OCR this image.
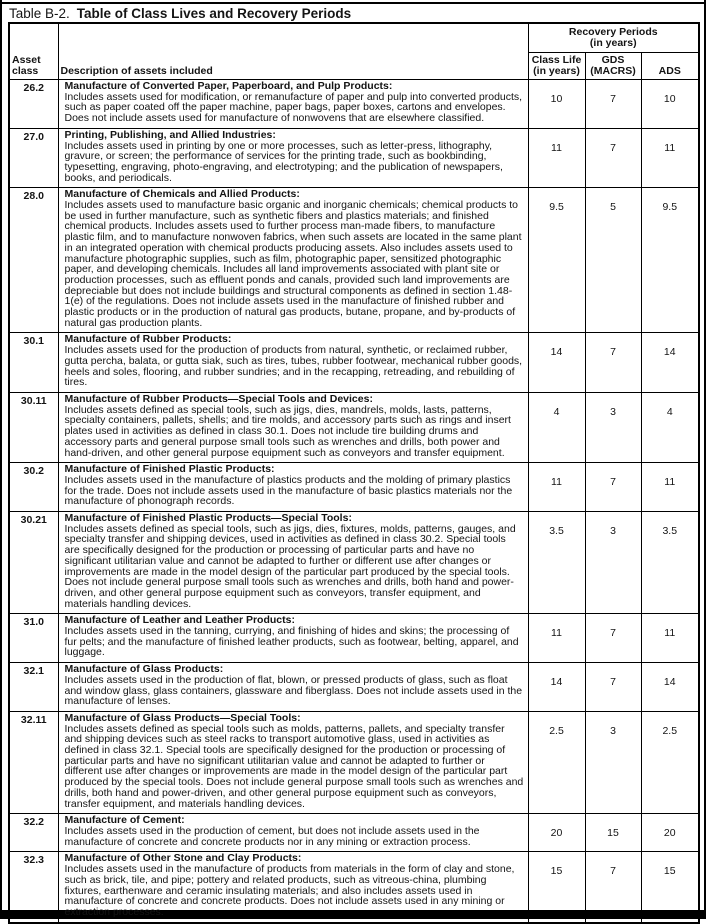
Table B-2. Table of Class Lives and Recovery Periods
Asset
class	Description of assets included	Recovery Periods
(in years)		

		Class Life
(in years)	GDS
(MACRS)	ADS
26.2	Manufacture of Converted Paper, Paperboard, and Pulp Products:
Includes assets used for modification, or remanufacture of paper and pulp into converted products, such as paper coated off the paper machine, paper bags, paper boxes, cartons and envelopes. Does not include assets used for manufacture of nonwovens that are elsewhere classified.	10	7	10
27.0	Printing, Publishing, and Allied Industries:
Includes assets used in printing by one or more processes, such as letter-press, lithography, gravure, or screen; the performance of services for the printing trade, such as bookbinding, typesetting, engraving, photo-engraving, and electrotyping; and the publication of newspapers, books, and periodicals.	11	7	11
28.0	Manufacture of Chemicals and Allied Products:
Includes assets used to manufacture basic organic and inorganic chemicals; chemical products to be used in further manufacture, such as synthetic fibers and plastics materials; and finished chemical products. Includes assets used to further process man-made fibers, to manufacture plastic film, and to manufacture nonwoven fabrics, when such assets are located in the same plant in an integrated operation with chemical products producing assets. Also includes assets used to manufacture photographic supplies, such as film, photographic paper, sensitized photographic paper, and developing chemicals. Includes all land improvements associated with plant site or production processes, such as effluent ponds and canals, provided such land improvements are depreciable but does not include buildings and structural components as defined in section 1.48-1(e) of the regulations. Does not include assets used in the manufacture of finished rubber and plastic products or in the production of natural gas products, butane, propane, and by-products of natural gas production plants.	9.5	5	9.5
30.1	Manufacture of Rubber Products:
Includes assets used for the production of products from natural, synthetic, or reclaimed rubber, gutta percha, balata, or gutta siak, such as tires, tubes, rubber footwear, mechanical rubber goods, heels and soles, flooring, and rubber sundries; and in the recapping, retreading, and rebuilding of tires.	14	7	14
30.11	Manufacture of Rubber Products—Special Tools and Devices:
Includes assets defined as special tools, such as jigs, dies, mandrels, molds, lasts, patterns, specialty containers, pallets, shells; and tire molds, and accessory parts such as rings and insert plates used in activities as defined in class 30.1. Does not include tire building drums and accessory parts and general purpose small tools such as wrenches and drills, both power and hand-driven, and other general purpose equipment such as conveyors and transfer equipment.	4	3	4
30.2	Manufacture of Finished Plastic Products:
Includes assets used in the manufacture of plastics products and the molding of primary plastics for the trade. Does not include assets used in the manufacture of basic plastics materials nor the manufacture of phonograph records.	11	7	11
30.21	Manufacture of Finished Plastic Products—Special Tools:
Includes assets defined as special tools, such as jigs, dies, fixtures, molds, patterns, gauges, and specialty transfer and shipping devices, used in activities as defined in class 30.2. Special tools are specifically designed for the production or processing of particular parts and have no significant utilitarian value and cannot be adapted to further or different use after changes or improvements are made in the model design of the particular part produced by the special tools. Does not include general purpose small tools such as wrenches and drills, both hand and power-driven, and other general purpose equipment such as conveyors, transfer equipment, and materials handling devices.	3.5	3	3.5
31.0	Manufacture of Leather and Leather Products:
Includes assets used in the tanning, currying, and finishing of hides and skins; the processing of fur pelts; and the manufacture of finished leather products, such as footwear, belting, apparel, and luggage.	11	7	11
32.1	Manufacture of Glass Products:
Includes assets used in the production of flat, blown, or pressed products of glass, such as float and window glass, glass containers, glassware and fiberglass. Does not include assets used in the manufacture of lenses.	14	7	14
32.11	Manufacture of Glass Products—Special Tools:
Includes assets defined as special tools such as molds, patterns, pallets, and specialty transfer and shipping devices such as steel racks to transport automotive glass, used in activities as defined in class 32.1. Special tools are specifically designed for the production or processing of particular parts and have no significant utilitarian value and cannot be adapted to further or different use after changes or improvements are made in the model design of the particular part produced by the special tools. Does not include general purpose small tools such as wrenches and drills, both hand and power-driven, and other general purpose equipment such as conveyors, transfer equipment, and materials handling devices.	2.5	3	2.5
32.2	Manufacture of Cement:
Includes assets used in the production of cement, but does not include assets used in the manufacture of concrete and concrete products nor in any mining or extraction process.	20	15	20
32.3	Manufacture of Other Stone and Clay Products:
Includes assets used in the manufacture of products from materials in the form of clay and stone, such as brick, tile, and pipe; pottery and related products, such as vitreous-china, plumbing fixtures, earthenware and ceramic insulating materials; and also includes assets used in manufacture of concrete and concrete products. Does not include assets used in any mining or extraction processes.	15	7	15
